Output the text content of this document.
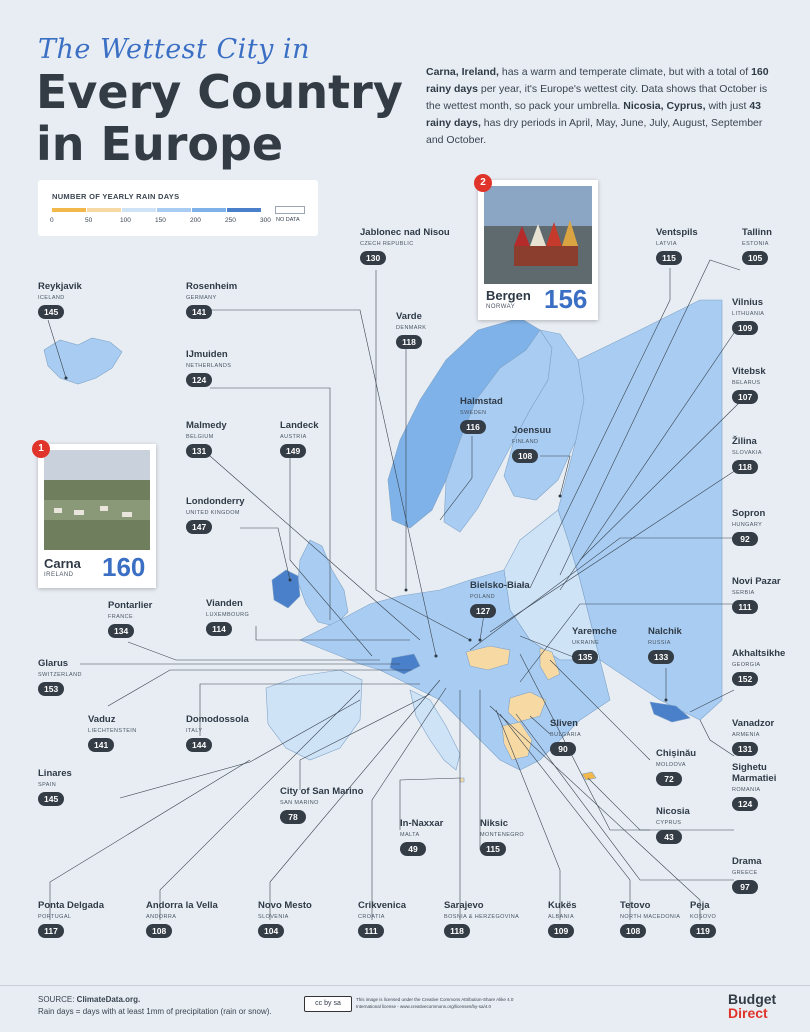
The Wettest City in
Every Country in Europe
Carna, Ireland, has a warm and temperate climate, but with a total of 160 rainy days per year, it's Europe's wettest city. Data shows that October is the wettest month, so pack your umbrella. Nicosia, Cyprus, with just 43 rainy days, has dry periods in April, May, June, July, August, September and October.
NUMBER OF YEARLY RAIN DAYS
0	50	100	150	200	250	300 NO DATA
Carna
IRELAND 160
1
Bergen
NORWAY 156
2
Reykjavik
ICELAND
145
Rosenheim
GERMANY
141
Jablonec nad Nisou
CZECH REPUBLIC
130
Varde
DENMARK
118
Ventspils
LATVIA
115
Tallinn
ESTONIA
105
Vilnius
LITHUANIA
109
IJmuiden
NETHERLANDS
124
Halmstad
SWEDEN
116
Vitebsk
BELARUS
107
Malmedy
BELGIUM
131
Landeck
AUSTRIA
149
Joensuu
FINLAND
108
Žilina
SLOVAKIA
118
Londonderry
UNITED KINGDOM
147
Sopron
HUNGARY
92
Bielsko-Biała
POLAND
127
Novi Pazar
SERBIA
111
Pontarlier
FRANCE
134
Vianden
LUXEMBOURG
114	Yaremche
UKRAINE
135
Nalchik
RUSSIA
133	Akhaltsikhe
GEORGIA
152
Glarus
SWITZERLAND
153
Vaduz
LIECHTENSTEIN
141
Domodossola
ITALY
144
Sliven
BULGARIA
90
Vanadzor
ARMENIA
131
Chișinău
MOLDOVA
72
Linares
SPAIN
145
City of San Marino
SAN MARINO
78
Sighetu Marmatiei
ROMANIA
124
In-Naxxar
MALTA
49
Niksic
MONTENEGRO
115
Nicosia
CYPRUS
43
Drama
GREECE
97
Ponta Delgada
PORTUGAL
117
Andorra la Vella
ANDORRA
108
Novo Mesto
SLOVENIA
104
Crikvenica
CROATIA
111
Sarajevo
BOSNIA & HERZEGOVINA
118
Kukës
ALBANIA
109
Tetovo
NORTH MACEDONIA
108
Peja
KOSOVO
119
SOURCE: ClimateData.org.
Rain days = days with at least 1mm of precipitation (rain or snow).
cc by sa
This image is licensed under the Creative Commons Attribution-Share Alike 4.0
International license - www.creativecommons.org/licenses/by-sa/4.0	Budget
Direct
